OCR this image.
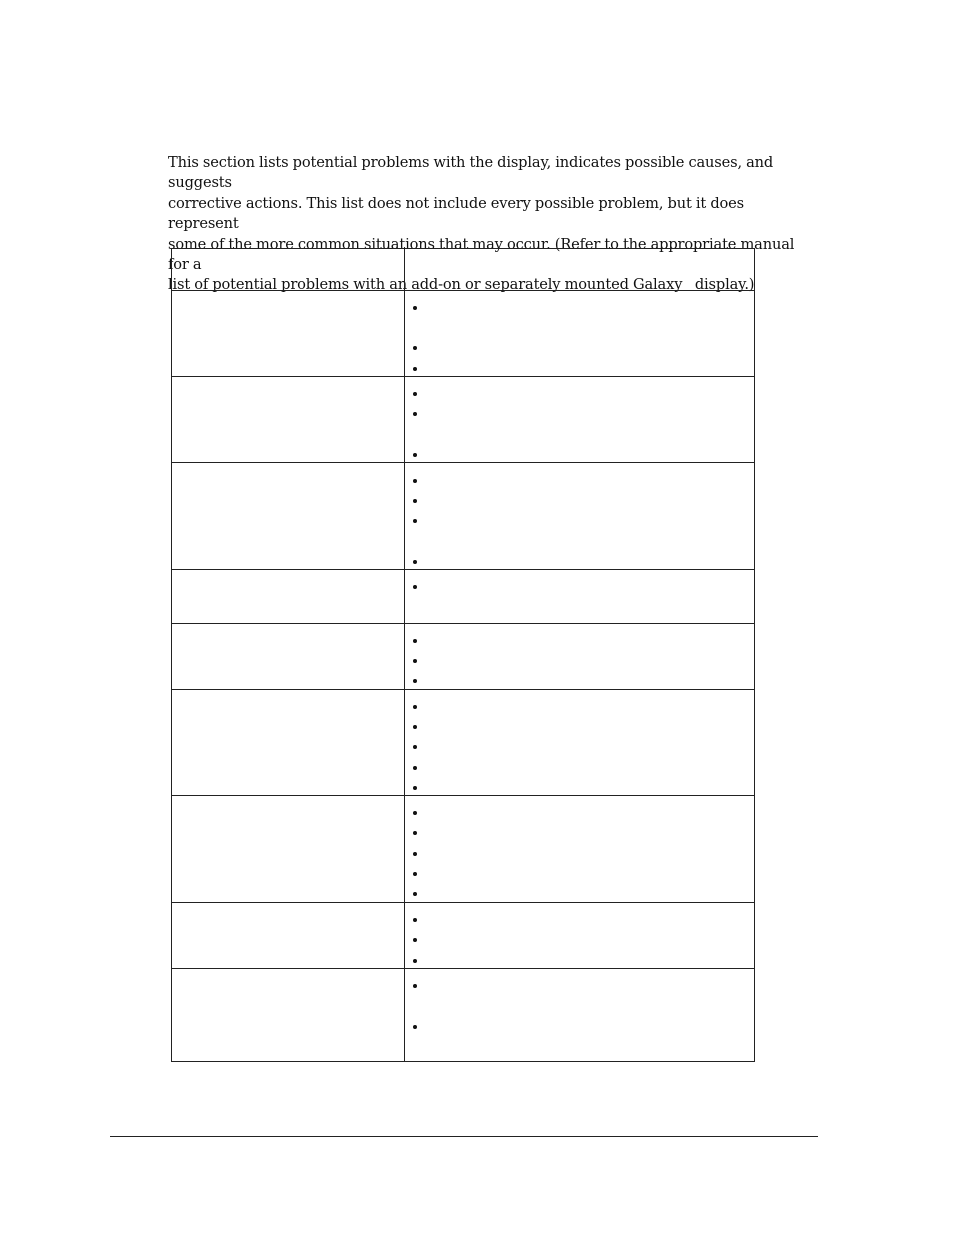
This section lists potential problems with the display, indicates possible causes, and suggests
corrective actions. This list does not include every possible problem, but it does represent
some of the more common situations that may occur. (Refer to the appropriate manual for a
list of potential problems with an add-on or separately mounted Galaxy   display.)
